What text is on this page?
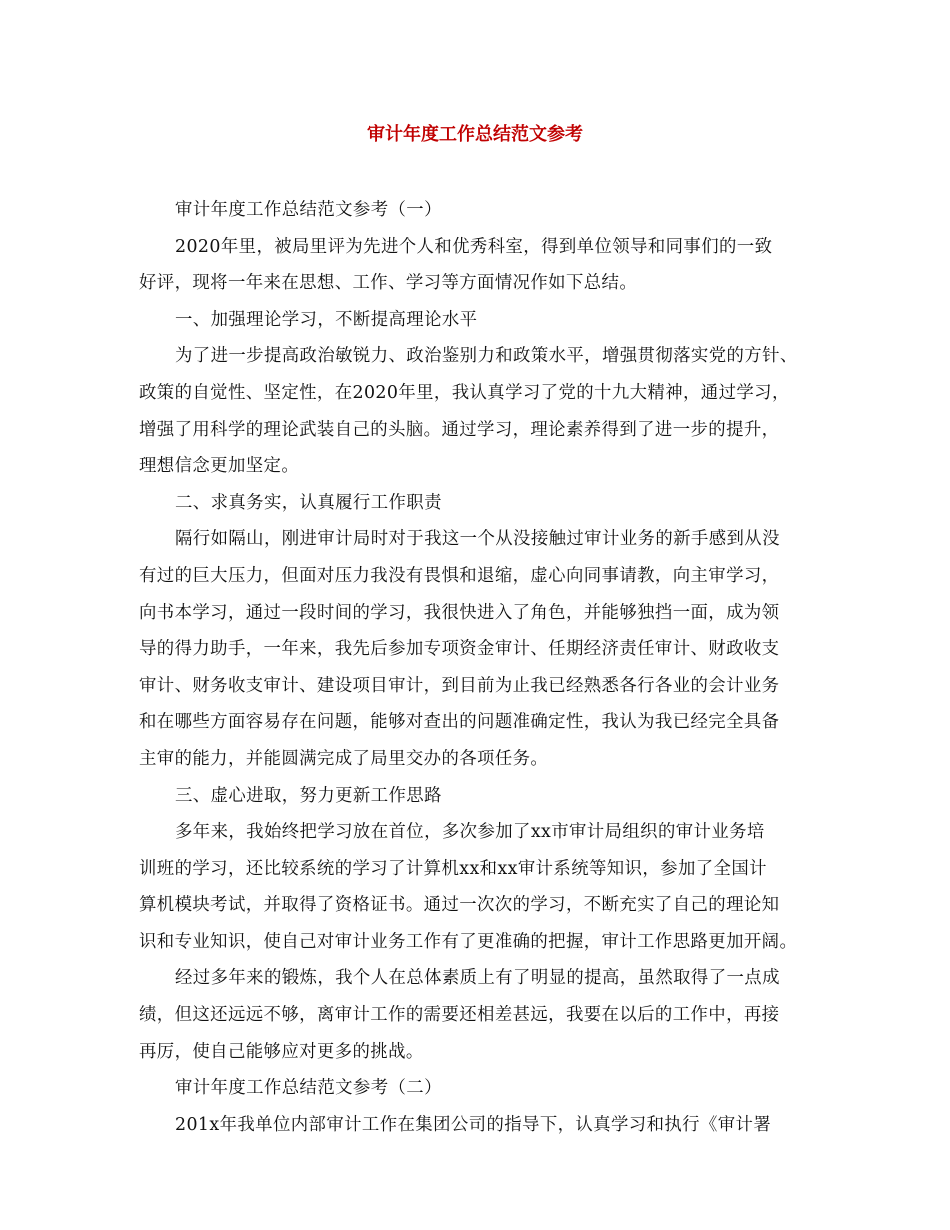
审计年度工作总结范文参考
审计年度工作总结范文参考（一）
2020年里，被局里评为先进个人和优秀科室，得到单位领导和同事们的一致
好评，现将一年来在思想、工作、学习等方面情况作如下总结。
一、加强理论学习，不断提高理论水平
为了进一步提高政治敏锐力、政治鉴别力和政策水平，增强贯彻落实党的方针、
政策的自觉性、坚定性，在2020年里，我认真学习了党的十九大精神，通过学习，
增强了用科学的理论武装自己的头脑。通过学习，理论素养得到了进一步的提升，
理想信念更加坚定。
二、求真务实，认真履行工作职责
隔行如隔山，刚进审计局时对于我这一个从没接触过审计业务的新手感到从没
有过的巨大压力，但面对压力我没有畏惧和退缩，虚心向同事请教，向主审学习，
向书本学习，通过一段时间的学习，我很快进入了角色，并能够独挡一面，成为领
导的得力助手，一年来，我先后参加专项资金审计、任期经济责任审计、财政收支
审计、财务收支审计、建设项目审计，到目前为止我已经熟悉各行各业的会计业务
和在哪些方面容易存在问题，能够对查出的问题准确定性，我认为我已经完全具备
主审的能力，并能圆满完成了局里交办的各项任务。
三、虚心进取，努力更新工作思路
多年来，我始终把学习放在首位，多次参加了xx市审计局组织的审计业务培
训班的学习，还比较系统的学习了计算机xx和xx审计系统等知识，参加了全国计
算机模块考试，并取得了资格证书。通过一次次的学习，不断充实了自己的理论知
识和专业知识，使自己对审计业务工作有了更准确的把握，审计工作思路更加开阔。
经过多年来的锻炼，我个人在总体素质上有了明显的提高，虽然取得了一点成
绩，但这还远远不够，离审计工作的需要还相差甚远，我要在以后的工作中，再接
再厉，使自己能够应对更多的挑战。
审计年度工作总结范文参考（二）
201x年我单位内部审计工作在集团公司的指导下，认真学习和执行《审计署
